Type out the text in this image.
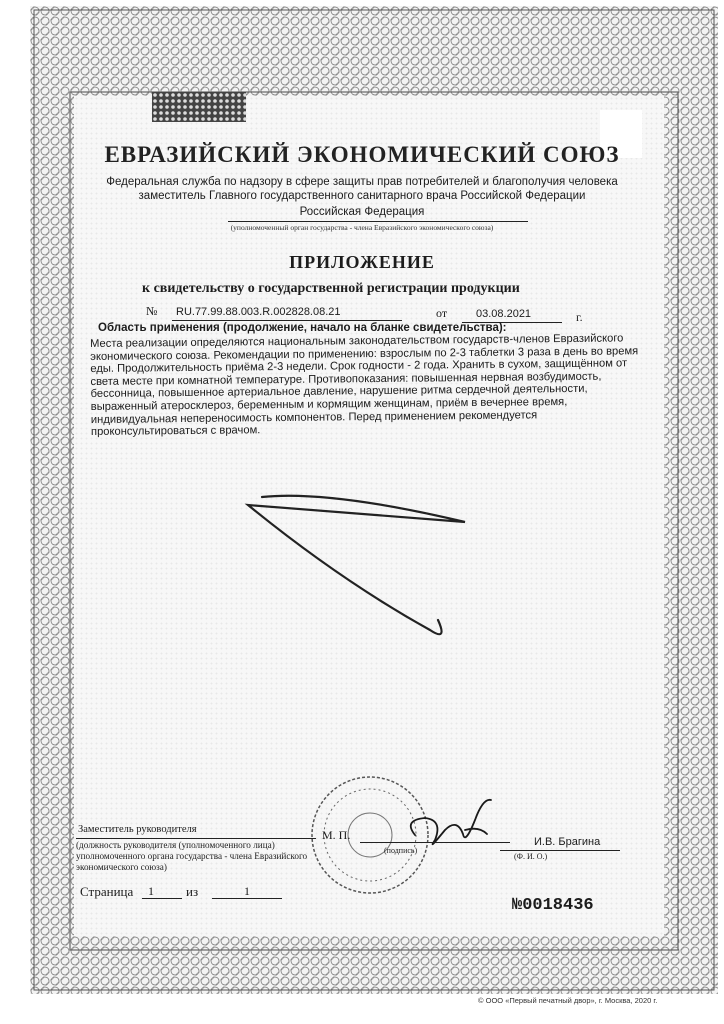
ЕВРАЗИЙСКИЙ ЭКОНОМИЧЕСКИЙ СОЮЗ
Федеральная служба по надзору в сфере защиты прав потребителей и благополучия человека
заместитель Главного государственного санитарного врача Российской Федерации
Российская Федерация
(уполномоченный орган государства - члена Евразийского экономического союза)
ПРИЛОЖЕНИЕ
к свидетельству о государственной регистрации продукции
№ RU.77.99.88.003.R.002828.08.21	от	03.08.2021	г.
Область применения (продолжение, начало на бланке свидетельства):

Места реализации определяются национальным законодательством государств-членов Евразийского экономического союза. Рекомендации по применению: взрослым по 2-3 таблетки 3 раза в день во время еды. Продолжительность приёма 2-3 недели. Срок годности - 2 года. Хранить в сухом, защищённом от света месте при комнатной температуре. Противопоказания: повышенная нервная возбудимость, бессонница, повышенное артериальное давление, нарушение ритма сердечной деятельности, выраженный атеросклероз, беременным и кормящим женщинам, приём в вечернее время, индивидуальная непереносимость компонентов. Перед применением рекомендуется проконсультироваться с врачом.

Заместитель руководителя	М. П.
(подпись)
И.В. Брагина
(Ф. И. О.)
(должность руководителя (уполномоченного лица) уполномоченного органа государства - члена Евразийского экономического союза)
Страница 1 из	1
№0018436
© ООО «Первый печатный двор», г. Москва, 2020 г.
